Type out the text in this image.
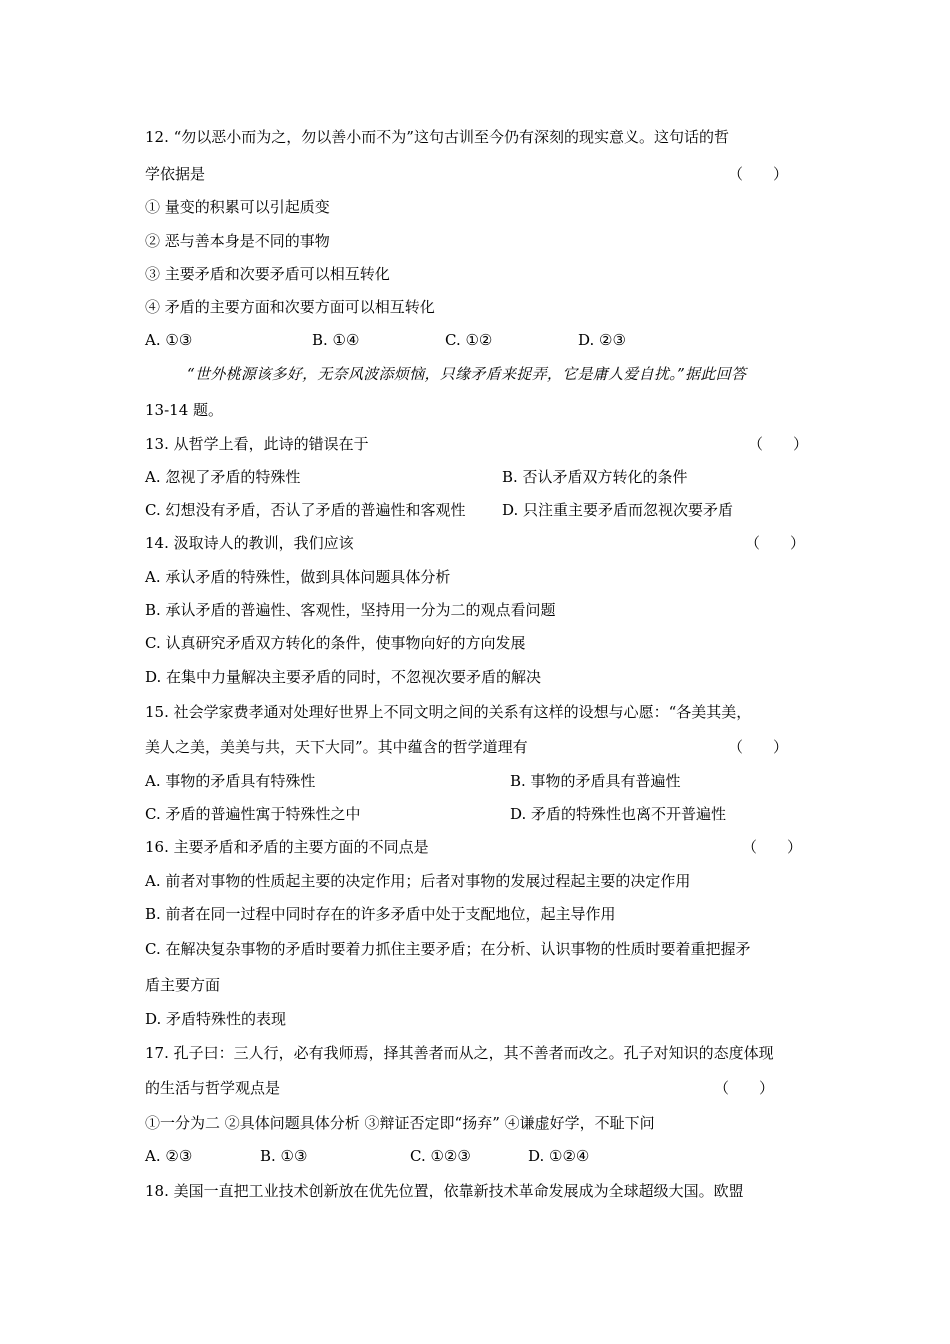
12. “勿以恶小而为之，勿以善小而不为”这句古训至今仍有深刻的现实意义。这句话的哲
学依据是	（　　）
① 量变的积累可以引起质变
② 恶与善本身是不同的事物
③ 主要矛盾和次要矛盾可以相互转化
④ 矛盾的主要方面和次要方面可以相互转化
A. ①③	B. ①④	C. ①②	D. ②③
“世外桃源该多好，无奈风波添烦恼，只缘矛盾来捉弄，它是庸人爱自扰。”据此回答
13-14 题。
13. 从哲学上看，此诗的错误在于	（　　）
A. 忽视了矛盾的特殊性	B. 否认矛盾双方转化的条件
C. 幻想没有矛盾，否认了矛盾的普遍性和客观性 D. 只注重主要矛盾而忽视次要矛盾
14. 汲取诗人的教训，我们应该	（　　）
A. 承认矛盾的特殊性，做到具体问题具体分析
B. 承认矛盾的普遍性、客观性，坚持用一分为二的观点看问题
C. 认真研究矛盾双方转化的条件，使事物向好的方向发展
D. 在集中力量解决主要矛盾的同时，不忽视次要矛盾的解决
15. 社会学家费孝通对处理好世界上不同文明之间的关系有这样的设想与心愿：“各美其美，
美人之美，美美与共，天下大同”。其中蕴含的哲学道理有	（　　）
A. 事物的矛盾具有特殊性	B. 事物的矛盾具有普遍性
C. 矛盾的普遍性寓于特殊性之中	D. 矛盾的特殊性也离不开普遍性
16. 主要矛盾和矛盾的主要方面的不同点是	（　　）
A. 前者对事物的性质起主要的决定作用；后者对事物的发展过程起主要的决定作用
B. 前者在同一过程中同时存在的许多矛盾中处于支配地位，起主导作用
C. 在解决复杂事物的矛盾时要着力抓住主要矛盾；在分析、认识事物的性质时要着重把握矛
盾主要方面
D. 矛盾特殊性的表现
17. 孔子曰：三人行，必有我师焉，择其善者而从之，其不善者而改之。孔子对知识的态度体现
的生活与哲学观点是	（　　）
①一分为二 ②具体问题具体分析 ③辩证否定即“扬弃” ④谦虚好学，不耻下问
A. ②③	B. ①③	C. ①②③	D. ①②④
18. 美国一直把工业技术创新放在优先位置，依靠新技术革命发展成为全球超级大国。欧盟
